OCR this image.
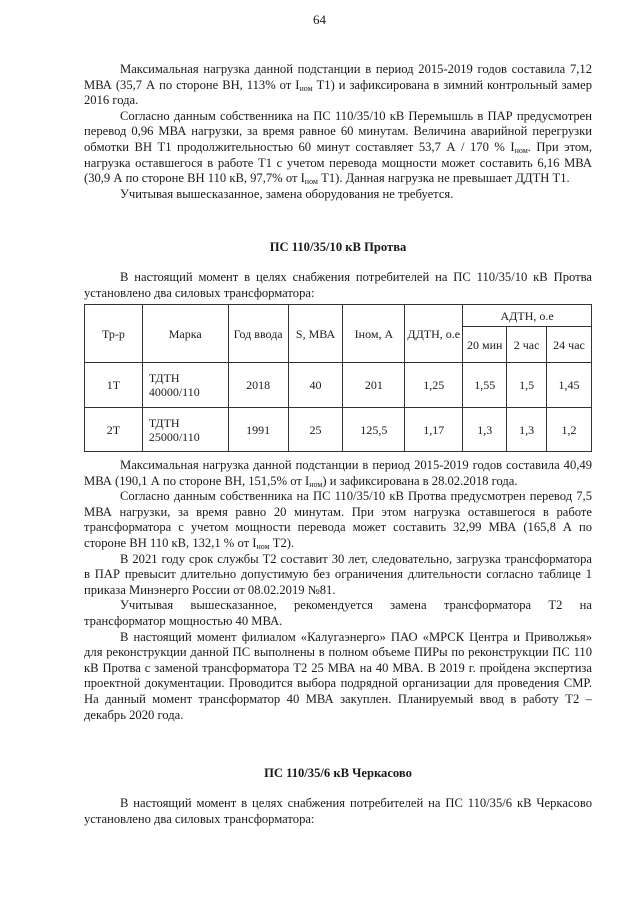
64

Максимальная нагрузка данной подстанции в период 2015-2019 годов составила 7,12 МВА (35,7 А по стороне ВН, 113% от $I_{ном}$ Т1) и зафиксирована в зимний контрольный замер 2016 года.

Согласно данным собственника на ПС 110/35/10 кВ Перемышль в ПАР предусмотрен перевод 0,96 МВА нагрузки, за время равное 60 минутам. Величина аварийной перегрузки обмотки ВН Т1 продолжительностью 60 минут составляет 53,7 А / 170 % $I_{ном}$. При этом, нагрузка оставшегося в работе Т1 с учетом перевода мощности может составить 6,16 МВА (30,9 А по стороне ВН 110 кВ, 97,7% от $I_{ном}$ Т1). Данная нагрузка не превышает ДДТН Т1.

Учитывая вышесказанное, замена оборудования не требуется.

ПС 110/35/10 кВ Протва

В настоящий момент в целях снабжения потребителей на ПС 110/35/10 кВ Протва установлено два силовых трансформатора:

Тр-р	Марка	Год ввода	S, МВА	Iном, А	ДДТН, о.е	АДТН, о.е		
						20 мин	2 час	24 час
1Т	ТДТН 40000/110	2018	40	201	1,25	1,55	1,5	1,45
2Т	ТДТН 25000/110	1991	25	125,5	1,17	1,3	1,3	1,2

Максимальная нагрузка данной подстанции в период 2015-2019 годов составила 40,49 МВА (190,1 А по стороне ВН, 151,5% от $I_{ном}$) и зафиксирована в 28.02.2018 года.

Согласно данным собственника на ПС 110/35/10 кВ Протва предусмотрен перевод 7,5 МВА нагрузки, за время равно 20 минутам. При этом нагрузка оставшегося в работе трансформатора с учетом мощности перевода может составить 32,99 МВА (165,8 А по стороне ВН 110 кВ, 132,1 % от $I_{ном}$ Т2).

В 2021 году срок службы Т2 составит 30 лет, следовательно, загрузка трансформатора в ПАР превысит длительно допустимую без ограничения длительности согласно таблице 1 приказа Минэнерго России от 08.02.2019 №81.

Учитывая вышесказанное, рекомендуется замена трансформатора Т2 на трансформатор мощностью 40 МВА.

В настоящий момент филиалом «Калугаэнерго» ПАО «МРСК Центра и Приволжья» для реконструкции данной ПС выполнены в полном объеме ПИРы по реконструкции ПС 110 кВ Протва с заменой трансформатора Т2 25 МВА на 40 МВА. В 2019 г. пройдена экспертиза проектной документации. Проводится выбора подрядной организации для проведения СМР. На данный момент трансформатор 40 МВА закуплен. Планируемый ввод в работу Т2 – декабрь 2020 года.

ПС 110/35/6 кВ Черкасово

В настоящий момент в целях снабжения потребителей на ПС 110/35/6 кВ Черкасово установлено два силовых трансформатора:
